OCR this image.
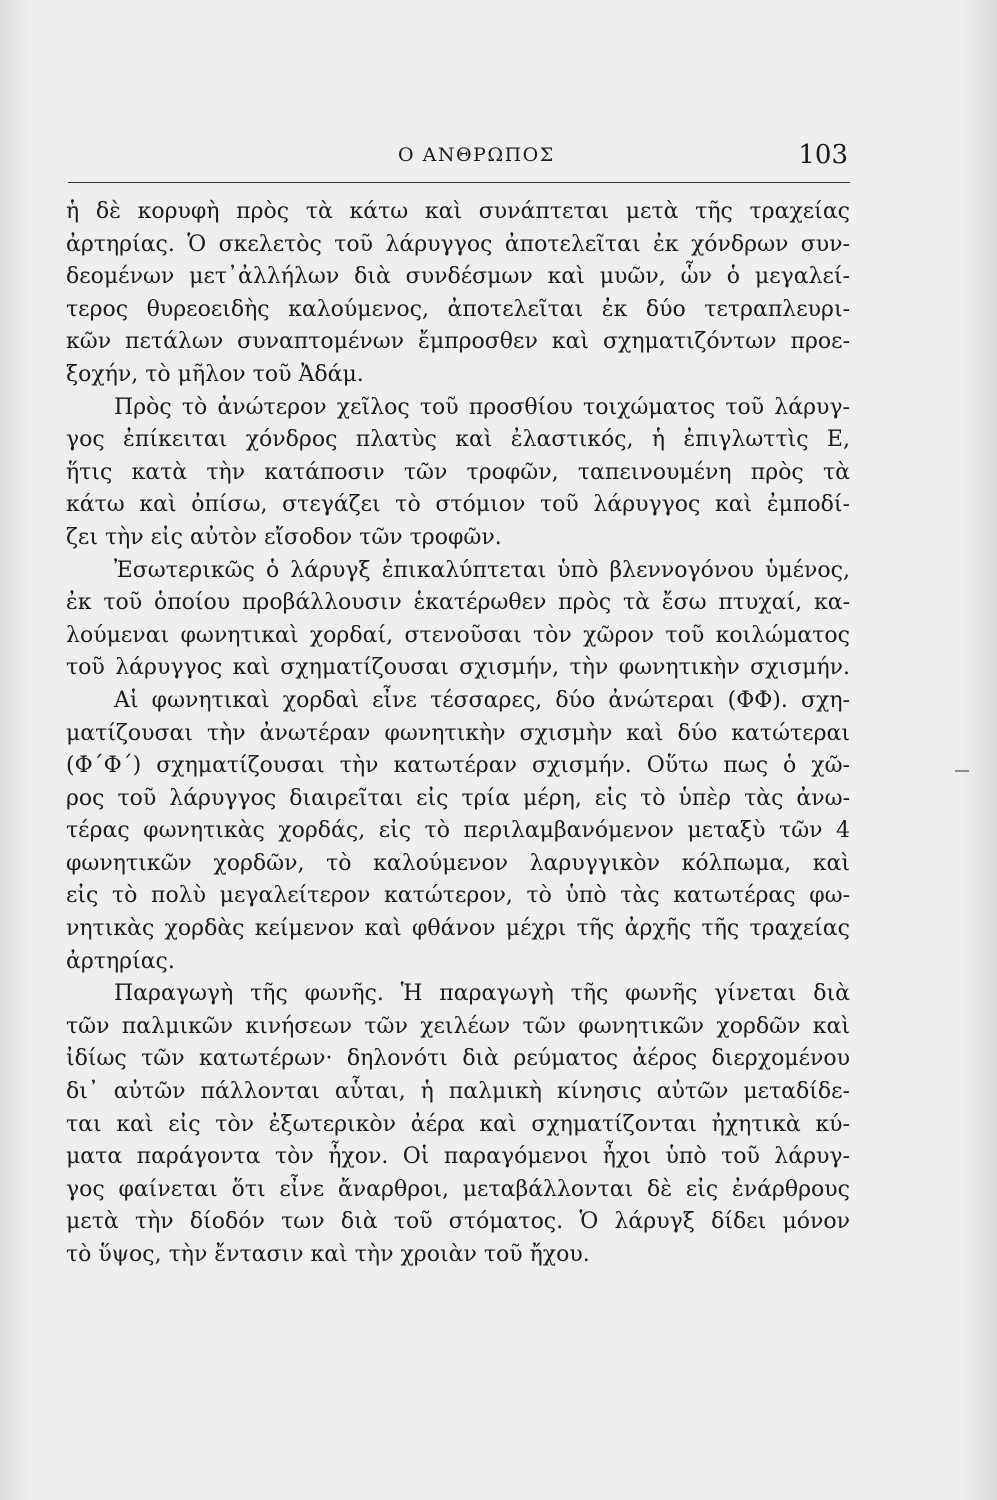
Ο ΑΝΘΡΩΠΟΣ	103
ἡ δὲ κορυφὴ πρὸς τὰ κάτω καὶ συνάπτεται μετὰ τῆς τραχείας
ἀρτηρίας. Ὁ σκελετὸς τοῦ λάρυγγος ἀποτελεῖται ἐκ χόνδρων συν-
δεομένων μετ᾿ἀλλήλων διὰ συνδέσμων καὶ μυῶν, ὧν ὁ μεγαλεί-
τερος θυρεοειδὴς καλούμενος, ἀποτελεῖται ἐκ δύο τετραπλευρι-
κῶν πετάλων συναπτομένων ἔμπροσθεν καὶ σχηματιζόντων προε-
ξοχήν, τὸ μῆλον τοῦ Ἀδάμ.
Πρὸς τὸ ἀνώτερον χεῖλος τοῦ προσθίου τοιχώματος τοῦ λάρυγ-
γος ἐπίκειται χόνδρος πλατὺς καὶ ἐλαστικός, ἡ ἐπιγλωττὶς Ε,
ἥτις κατὰ τὴν κατάποσιν τῶν τροφῶν, ταπεινουμένη πρὸς τὰ
κάτω καὶ ὀπίσω, στεγάζει τὸ στόμιον τοῦ λάρυγγος καὶ ἐμποδί-
ζει τὴν εἰς αὐτὸν εἴσοδον τῶν τροφῶν.
Ἐσωτερικῶς ὁ λάρυγξ ἐπικαλύπτεται ὑπὸ βλεννογόνου ὑμένος,
ἐκ τοῦ ὁποίου προβάλλουσιν ἑκατέρωθεν πρὸς τὰ ἔσω πτυχαί, κα-
λούμεναι φωνητικαὶ χορδαί, στενοῦσαι τὸν χῶρον τοῦ κοιλώματος
τοῦ λάρυγγος καὶ σχηματίζουσαι σχισμήν, τὴν φωνητικὴν σχισμήν.
Αἱ φωνητικαὶ χορδαὶ εἶνε τέσσαρες, δύο ἀνώτεραι (ΦΦ). σχη-
ματίζουσαι τὴν ἀνωτέραν φωνητικὴν σχισμὴν καὶ δύο κατώτεραι
(Φ΄Φ΄) σχηματίζουσαι τὴν κατωτέραν σχισμήν. Οὕτω πως ὁ χῶ-
ρος τοῦ λάρυγγος διαιρεῖται εἰς τρία μέρη, εἰς τὸ ὑπὲρ τὰς ἀνω-
τέρας φωνητικὰς χορδάς, εἰς τὸ περιλαμβανόμενον μεταξὺ τῶν 4
φωνητικῶν χορδῶν, τὸ καλούμενον λαρυγγικὸν κόλπωμα, καὶ
εἰς τὸ πολὺ μεγαλείτερον κατώτερον, τὸ ὑπὸ τὰς κατωτέρας φω-
νητικὰς χορδὰς κείμενον καὶ φθάνον μέχρι τῆς ἀρχῆς τῆς τραχείας
ἀρτηρίας.
Παραγωγὴ τῆς φωνῆς. Ἡ παραγωγὴ τῆς φωνῆς γίνεται διὰ
τῶν παλμικῶν κινήσεων τῶν χειλέων τῶν φωνητικῶν χορδῶν καὶ
ἰδίως τῶν κατωτέρων· δηλονότι διὰ ρεύματος ἀέρος διερχομένου
δι᾿ αὐτῶν πάλλονται αὗται, ἡ παλμικὴ κίνησις αὐτῶν μεταδίδε-
ται καὶ εἰς τὸν ἐξωτερικὸν ἀέρα καὶ σχηματίζονται ἠχητικὰ κύ-
ματα παράγοντα τὸν ἦχον. Οἱ παραγόμενοι ἦχοι ὑπὸ τοῦ λάρυγ-
γος φαίνεται ὅτι εἶνε ἄναρθροι, μεταβάλλονται δὲ εἰς ἐνάρθρους
μετὰ τὴν δίοδόν των διὰ τοῦ στόματος. Ὁ λάρυγξ δίδει μόνον
τὸ ὕψος, τὴν ἔντασιν καὶ τὴν χροιὰν τοῦ ἤχου.
